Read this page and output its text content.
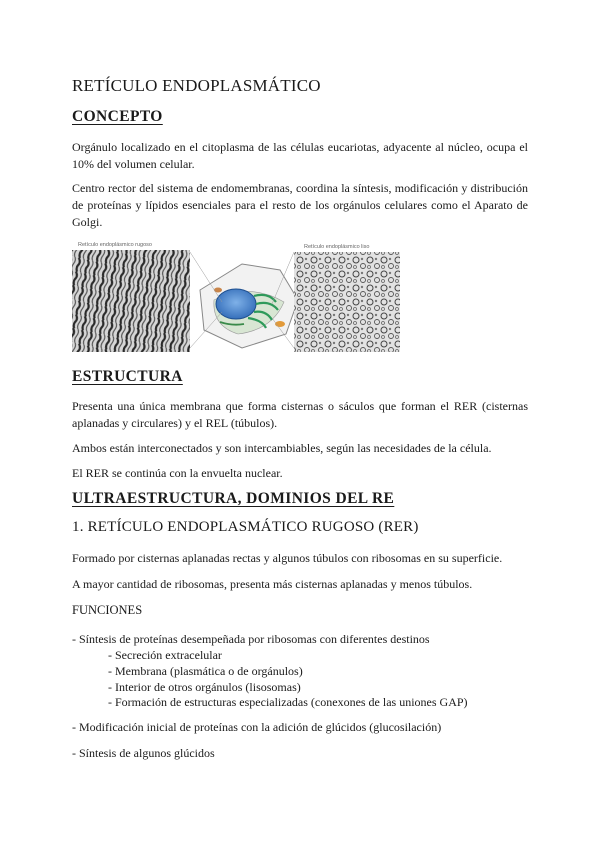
RETÍCULO ENDOPLASMÁTICO
CONCEPTO

Orgánulo localizado en el citoplasma de las células eucariotas, adyacente al núcleo, ocupa el 10% del volumen celular.

Centro rector del sistema de endomembranas, coordina la síntesis, modificación y distribución de proteínas y lípidos esenciales para el resto de los orgánulos celulares como el Aparato de Golgi.

Retículo endoplásmico rugoso	Retículo endoplásmico liso
ESTRUCTURA

Presenta una única membrana que forma cisternas o sáculos que forman el RER (cisternas aplanadas y circulares) y el REL (túbulos).

Ambos están interconectados y son intercambiables, según las necesidades de la célula.

El RER se continúa con la envuelta nuclear.

ULTRAESTRUCTURA, DOMINIOS DEL RE
1. RETÍCULO ENDOPLASMÁTICO RUGOSO (RER)

Formado por cisternas aplanadas rectas y algunos túbulos con ribosomas en su superficie.

A mayor cantidad de ribosomas, presenta más cisternas aplanadas y menos túbulos.

FUNCIONES

- Síntesis de proteínas desempeñada por ribosomas con diferentes destinos

- Secreción extracelular

- Membrana (plasmática o de orgánulos)

- Interior de otros orgánulos (lisosomas)

- Formación de estructuras especializadas (conexones de las uniones GAP)

- Modificación inicial de proteínas con la adición de glúcidos (glucosilación)

- Síntesis de algunos glúcidos
